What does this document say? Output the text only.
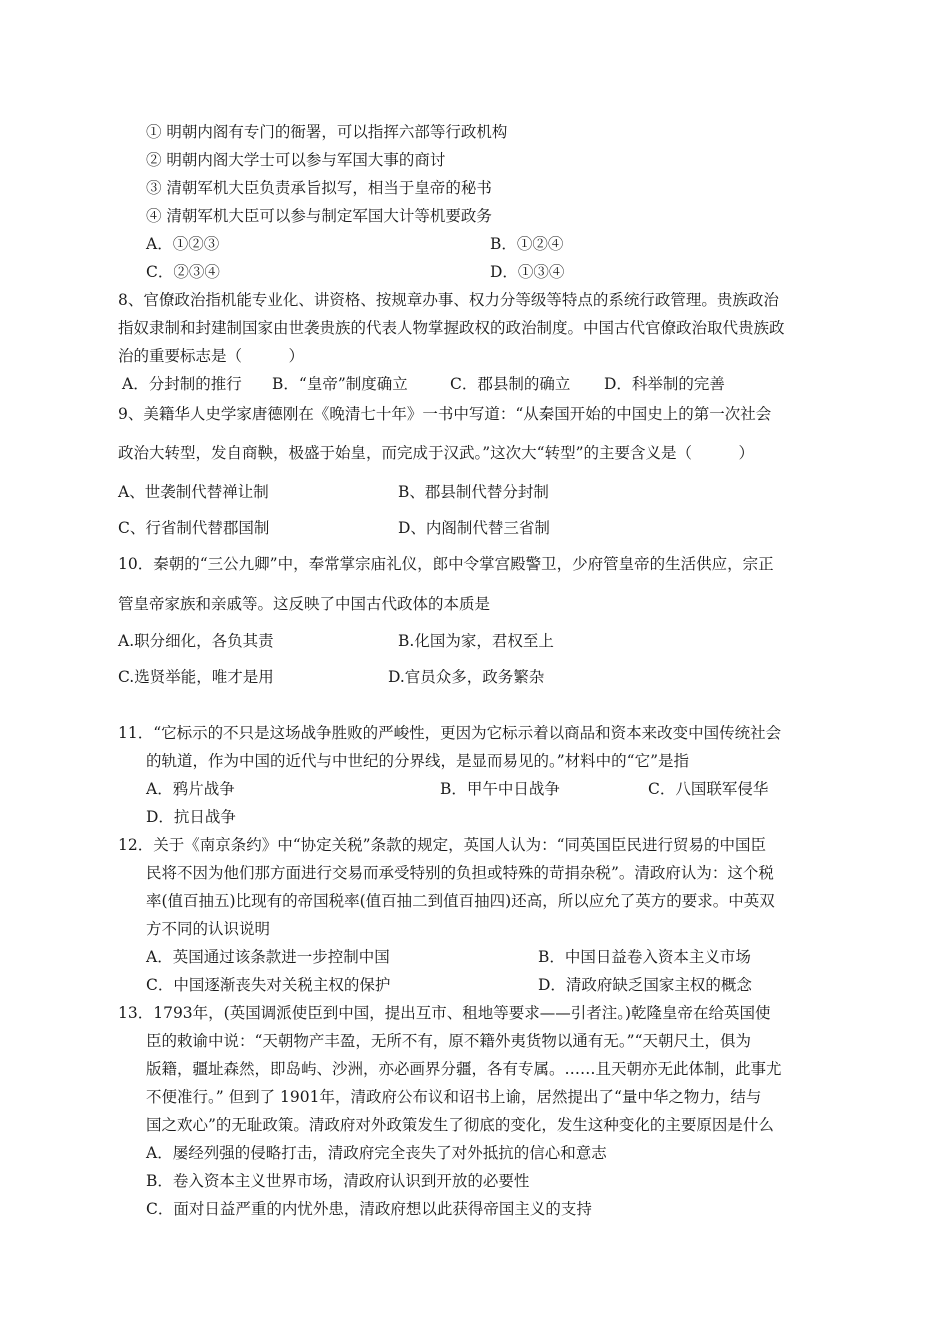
① 明朝内阁有专门的衙署，可以指挥六部等行政机构
② 明朝内阁大学士可以参与军国大事的商讨
③ 清朝军机大臣负责承旨拟写，相当于皇帝的秘书
④ 清朝军机大臣可以参与制定军国大计等机要政务
A．①②③	B．①②④
C．②③④	D．①③④
8、官僚政治指机能专业化、讲资格、按规章办事、权力分等级等特点的系统行政管理。贵族政治
指奴隶制和封建制国家由世袭贵族的代表人物掌握政权的政治制度。中国古代官僚政治取代贵族政
治的重要标志是（　　　）
A．分封制的推行 B．“皇帝”制度确立	C．郡县制的确立 D．科举制的完善
9、美籍华人史学家唐德刚在《晚清七十年》一书中写道：“从秦国开始的中国史上的第一次社会
政治大转型，发自商鞅，极盛于始皇，而完成于汉武。”这次大“转型”的主要含义是（　　　）
A、世袭制代替禅让制	B、郡县制代替分封制
C、行省制代替郡国制	D、内阁制代替三省制
10．秦朝的“三公九卿”中，奉常掌宗庙礼仪，郎中令掌宫殿警卫，少府管皇帝的生活供应，宗正
管皇帝家族和亲戚等。这反映了中国古代政体的本质是
A.职分细化，各负其责	B.化国为家，君权至上
C.选贤举能，唯才是用	D.官员众多，政务繁杂
11．“它标示的不只是这场战争胜败的严峻性，更因为它标示着以商品和资本来改变中国传统社会
的轨道，作为中国的近代与中世纪的分界线，是显而易见的。”材料中的“它”是指
A．鸦片战争	B．甲午中日战争	C．八国联军侵华
D．抗日战争
12．关于《南京条约》中“协定关税”条款的规定，英国人认为：“同英国臣民进行贸易的中国臣
民将不因为他们那方面进行交易而承受特别的负担或特殊的苛捐杂税”。清政府认为：这个税
率(值百抽五)比现有的帝国税率(值百抽二到值百抽四)还高，所以应允了英方的要求。中英双
方不同的认识说明
A．英国通过该条款进一步控制中国	B．中国日益卷入资本主义市场
C．中国逐渐丧失对关税主权的保护	D．清政府缺乏国家主权的概念
13．1793年，(英国调派使臣到中国，提出互市、租地等要求——引者注。)乾隆皇帝在给英国使
臣的敕谕中说：“天朝物产丰盈，无所不有，原不籍外夷货物以通有无。”“天朝尺土，俱为
版籍，疆址森然，即岛屿、沙洲，亦必画界分疆，各有专属。……且天朝亦无此体制，此事尤
不便准行。” 但到了 1901年，清政府公布议和诏书上谕，居然提出了“量中华之物力，结与
国之欢心”的无耻政策。清政府对外政策发生了彻底的变化，发生这种变化的主要原因是什么
A．屡经列强的侵略打击，清政府完全丧失了对外抵抗的信心和意志
B．卷入资本主义世界市场，清政府认识到开放的必要性
C．面对日益严重的内忧外患，清政府想以此获得帝国主义的支持
